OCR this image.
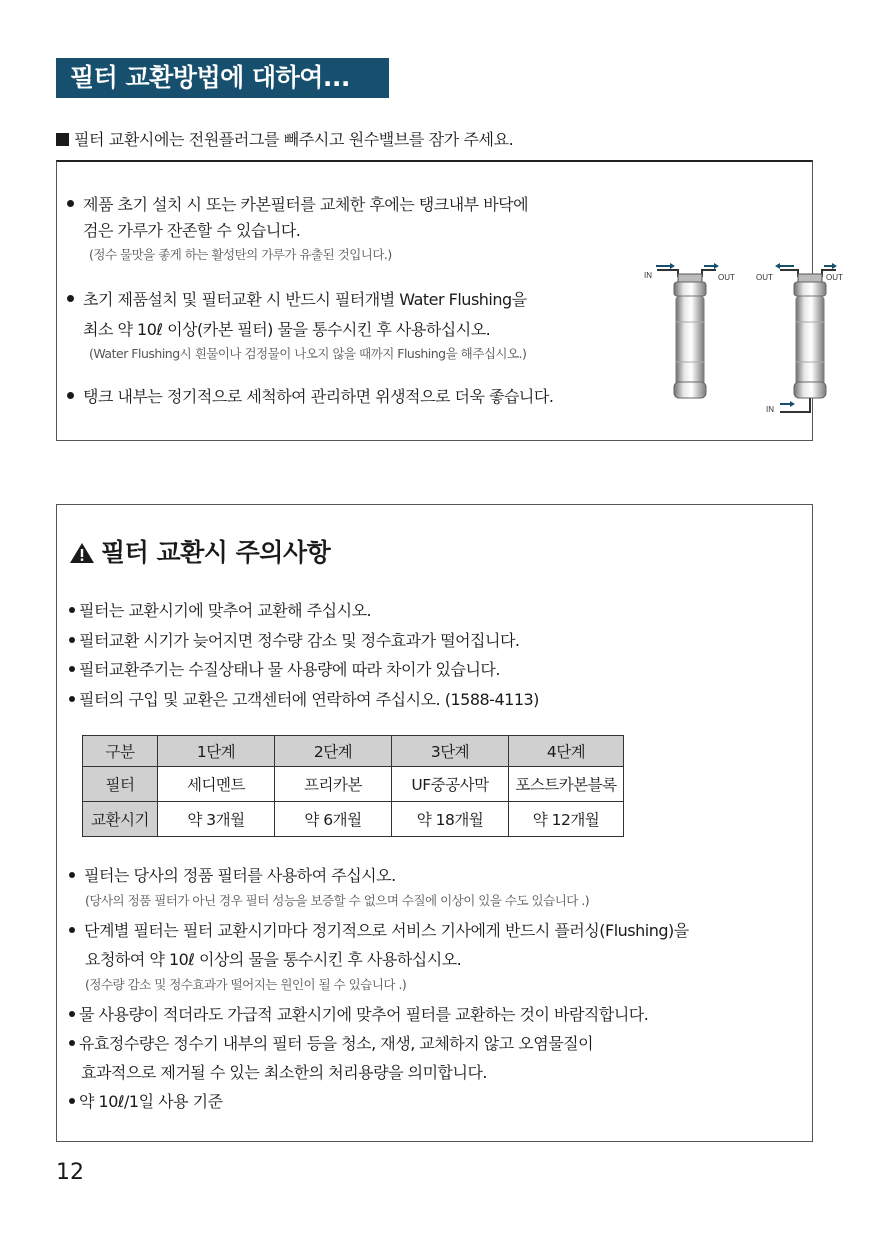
필터 교환방법에 대하여...
필터 교환시에는 전원플러그를 빼주시고 원수밸브를 잠가 주세요.
제품 초기 설치 시 또는 카본필터를 교체한 후에는 탱크내부 바닥에
검은 가루가 잔존할 수 있습니다.
(정수 물맛을 좋게 하는 활성탄의 가루가 유출된 것입니다.)
초기 제품설치 및 필터교환 시 반드시 필터개별 Water Flushing을
최소 약 10ℓ 이상(카본 필터) 물을 통수시킨 후 사용하십시오.
(Water Flushing시 흰물이나 검정물이 나오지 않을 때까지 Flushing을 해주십시오.)
탱크 내부는 정기적으로 세척하여 관리하면 위생적으로 더욱 좋습니다.
IN	OUT	OUT	OUT
IN
필터 교환시 주의사항
필터는 교환시기에 맞추어 교환해 주십시오.
필터교환 시기가 늦어지면 정수량 감소 및 정수효과가 떨어집니다.
필터교환주기는 수질상태나 물 사용량에 따라 차이가 있습니다.
필터의 구입 및 교환은 고객센터에 연락하여 주십시오. (1588-4113)
구분	1단계	2단계	3단계	4단계
필터	세디멘트	프리카본	UF중공사막	포스트카본블록
교환시기	약 3개월	약 6개월	약 18개월	약 12개월
필터는 당사의 정품 필터를 사용하여 주십시오.
(당사의 정품 필터가 아닌 경우 필터 성능을 보증할 수 없으며 수질에 이상이 있을 수도 있습니다 .)
단계별 필터는 필터 교환시기마다 정기적으로 서비스 기사에게 반드시 플러싱(Flushing)을
요청하여 약 10ℓ 이상의 물을 통수시킨 후 사용하십시오.
(정수량 감소 및 정수효과가 떨어지는 원인이 될 수 있습니다 .)
물 사용량이 적더라도 가급적 교환시기에 맞추어 필터를 교환하는 것이 바람직합니다.
유효정수량은 정수기 내부의 필터 등을 청소, 재생, 교체하지 않고 오염물질이
효과적으로 제거될 수 있는 최소한의 처리용량을 의미합니다.
약 10ℓ/1일 사용 기준
12
